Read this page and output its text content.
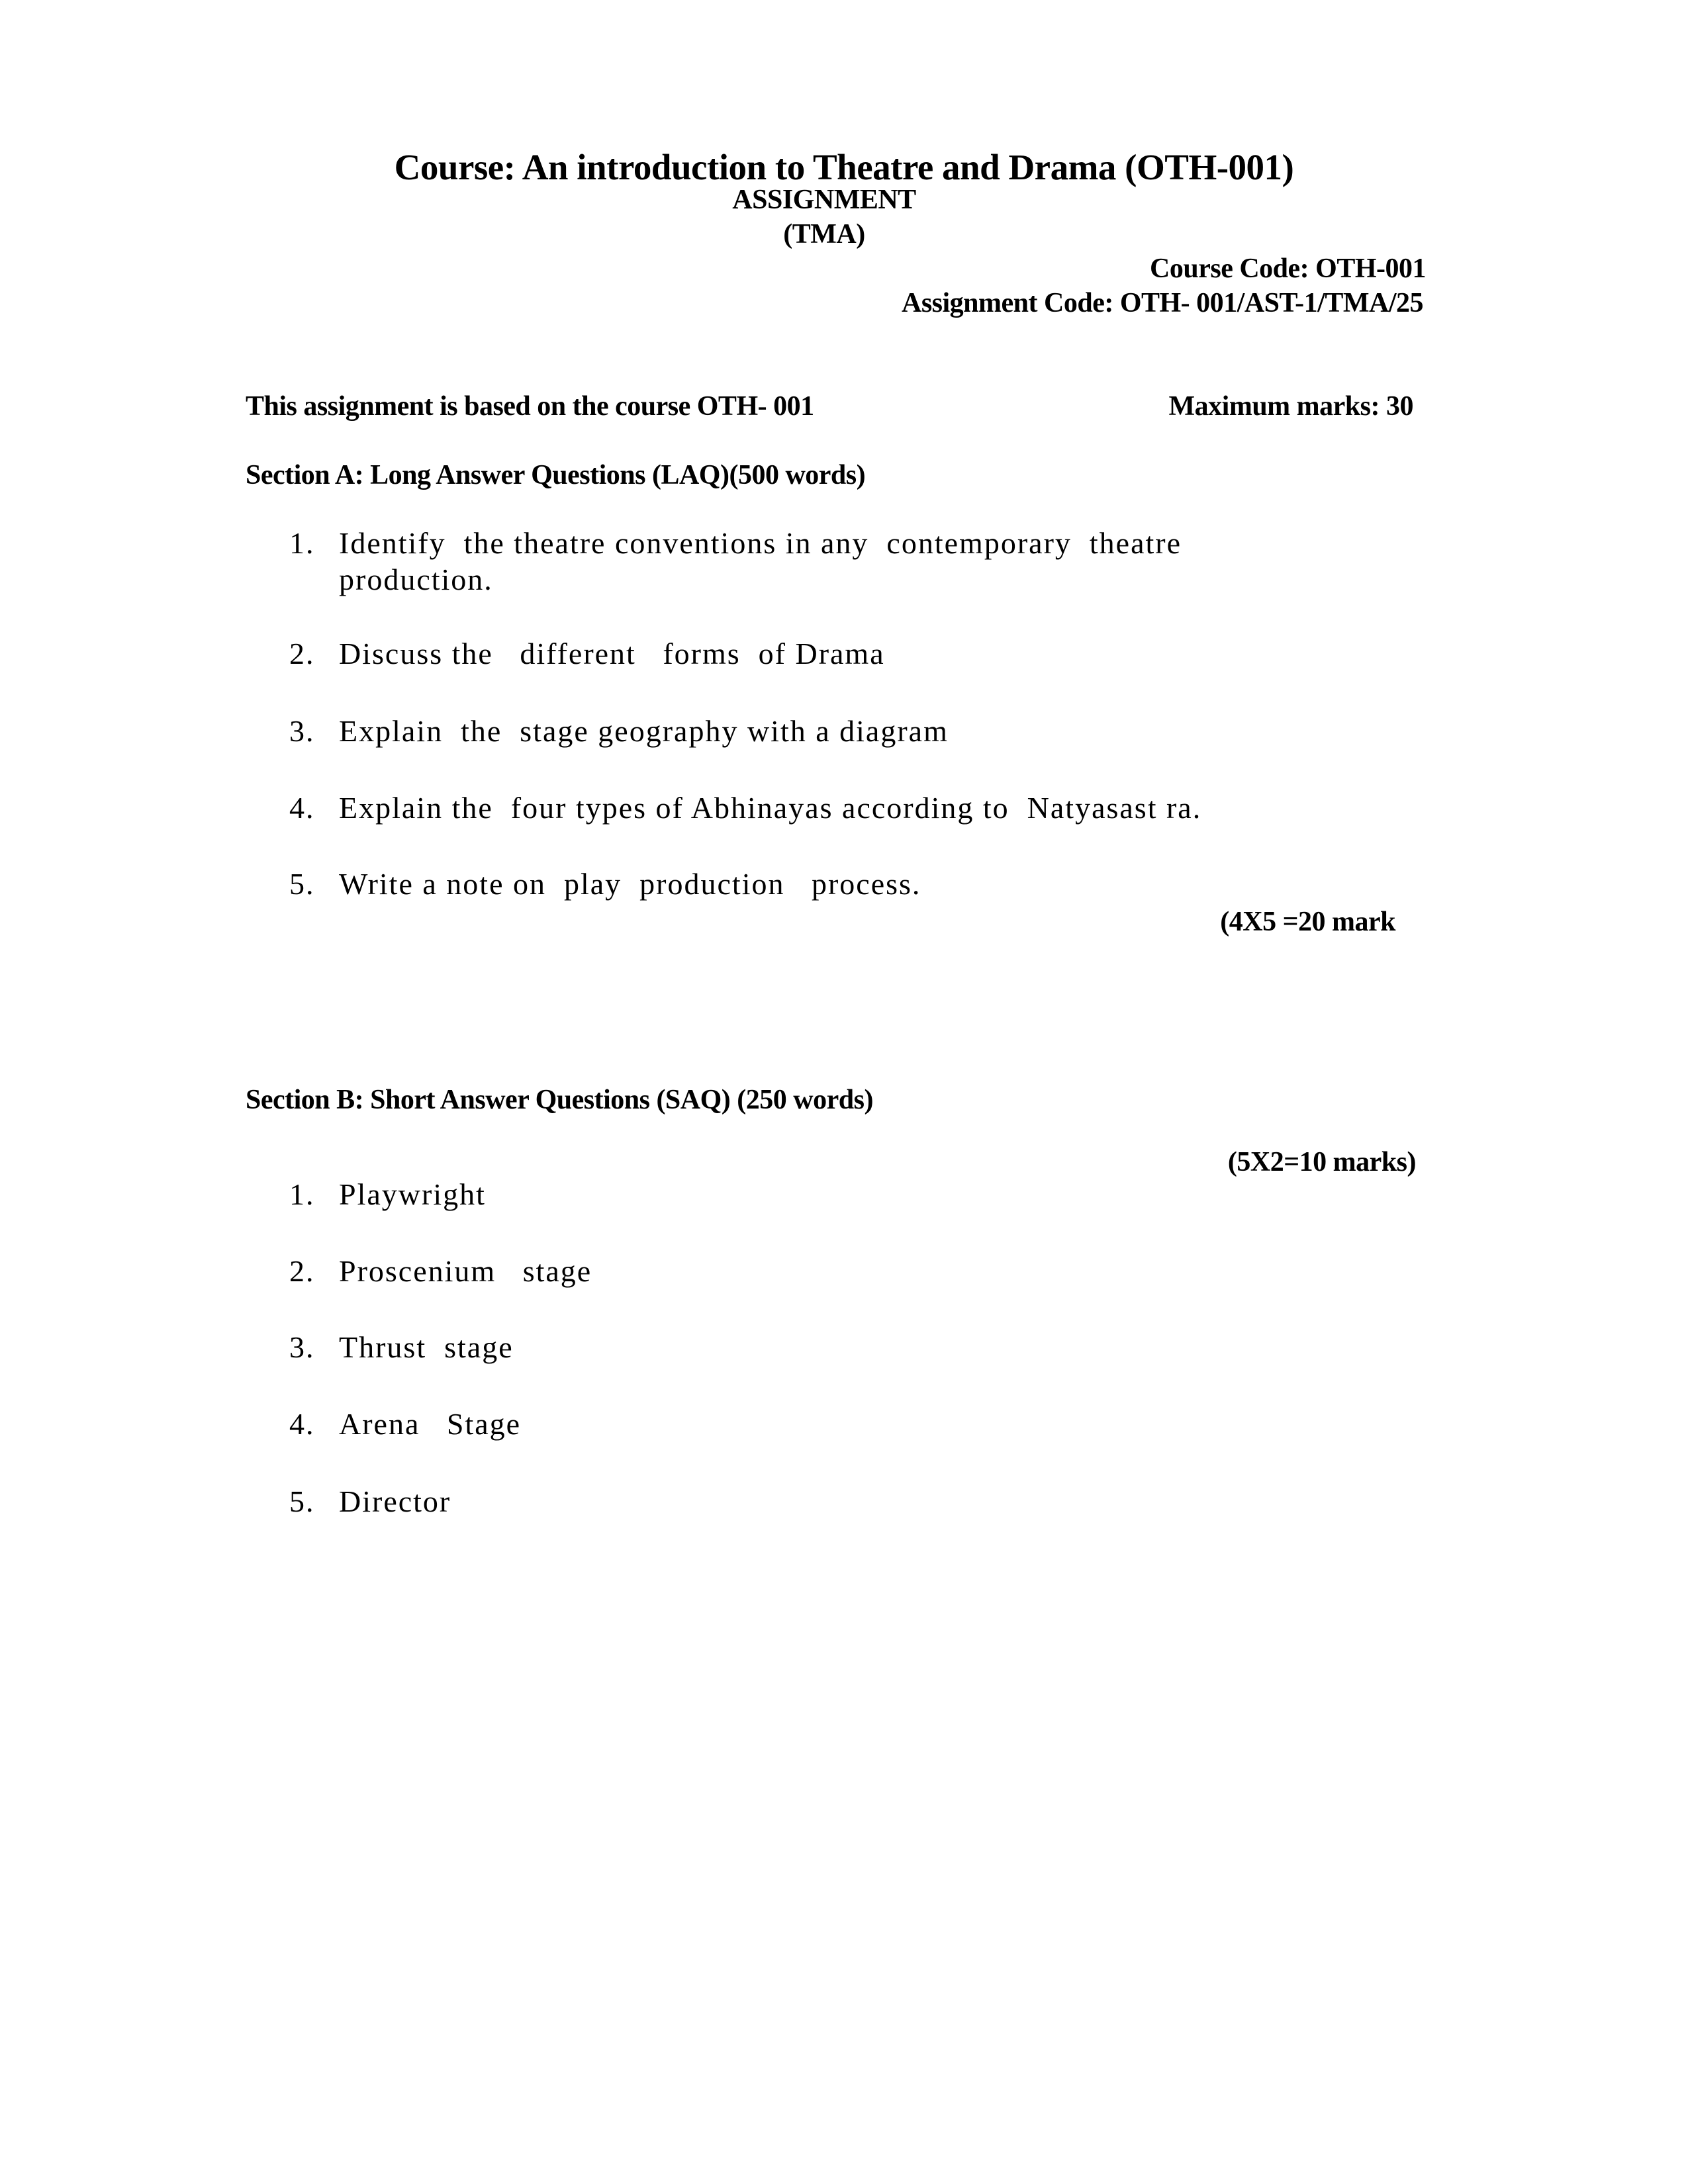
Course: An introduction to Theatre and Drama (OTH-001)
ASSIGNMENT
(TMA)
Course Code: OTH-001
Assignment Code: OTH- 001/AST-1/TMA/25
This assignment is based on the course OTH- 001	Maximum marks: 30
Section A: Long Answer Questions (LAQ)(500 words)
1. Identify  the theatre conventions in any  contemporary  theatre
production.
2. Discuss the   different   forms  of Drama
3. Explain  the  stage geography with a diagram
4. Explain the  four types of Abhinayas according to  Natyasast ra.
5. Write a note on  play  production   process.
(4X5 =20 mark
Section B: Short Answer Questions (SAQ) (250 words)
(5X2=10 marks)
1. Playwright
2. Proscenium   stage
3. Thrust  stage
4. Arena   Stage
5. Director
